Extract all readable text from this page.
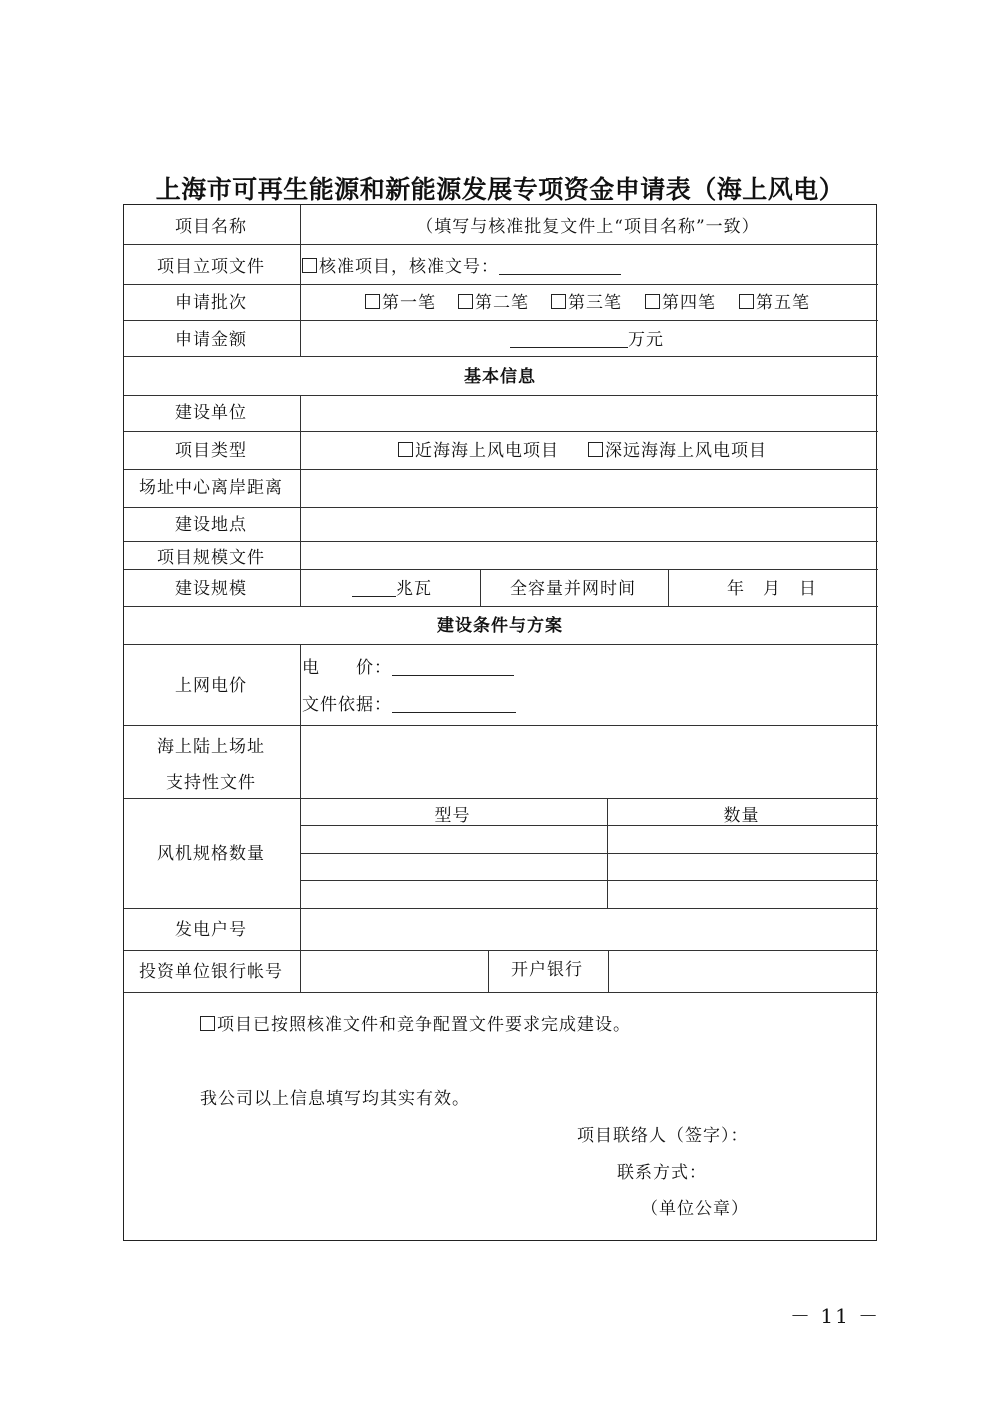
上海市可再生能源和新能源发展专项资金申请表（海上风电）
项目名称	（填写与核准批复文件上“项目名称”一致）
项目立项文件	核准项目，核准文号：
申请批次	第一笔	第二笔	第三笔	第四笔	第五笔
申请金额	万元
基本信息
建设单位
项目类型	近海海上风电项目	深远海海上风电项目
场址中心离岸距离
建设地点
项目规模文件
建设规模	兆瓦	全容量并网时间	年　月　日
建设条件与方案
上网电价
电　　价：
文件依据：
海上陆上场址
支持性文件
风机规格数量
型号	数量
发电户号
投资单位银行帐号	开户银行
项目已按照核准文件和竞争配置文件要求完成建设。
我公司以上信息填写均其实有效。
项目联络人（签字）：
联系方式：
（单位公章）
－ 11 －
